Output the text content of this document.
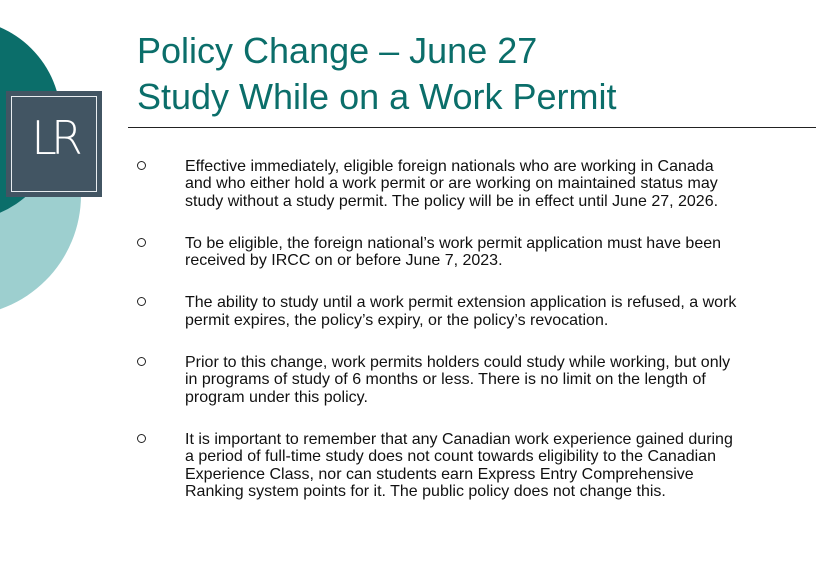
LR
Policy Change – June 27
Study While on a Work Permit
Effective immediately, eligible foreign nationals who are working in Canada
and who either hold a work permit or are working on maintained status may
study without a study permit. The policy will be in effect until June 27, 2026.
To be eligible, the foreign national’s work permit application must have been
received by IRCC on or before June 7, 2023.
The ability to study until a work permit extension application is refused, a work
permit expires, the policy’s expiry, or the policy’s revocation.
Prior to this change, work permits holders could study while working, but only
in programs of study of 6 months or less. There is no limit on the length of
program under this policy.
It is important to remember that any Canadian work experience gained during
a period of full-time study does not count towards eligibility to the Canadian
Experience Class, nor can students earn Express Entry Comprehensive
Ranking system points for it. The public policy does not change this.
